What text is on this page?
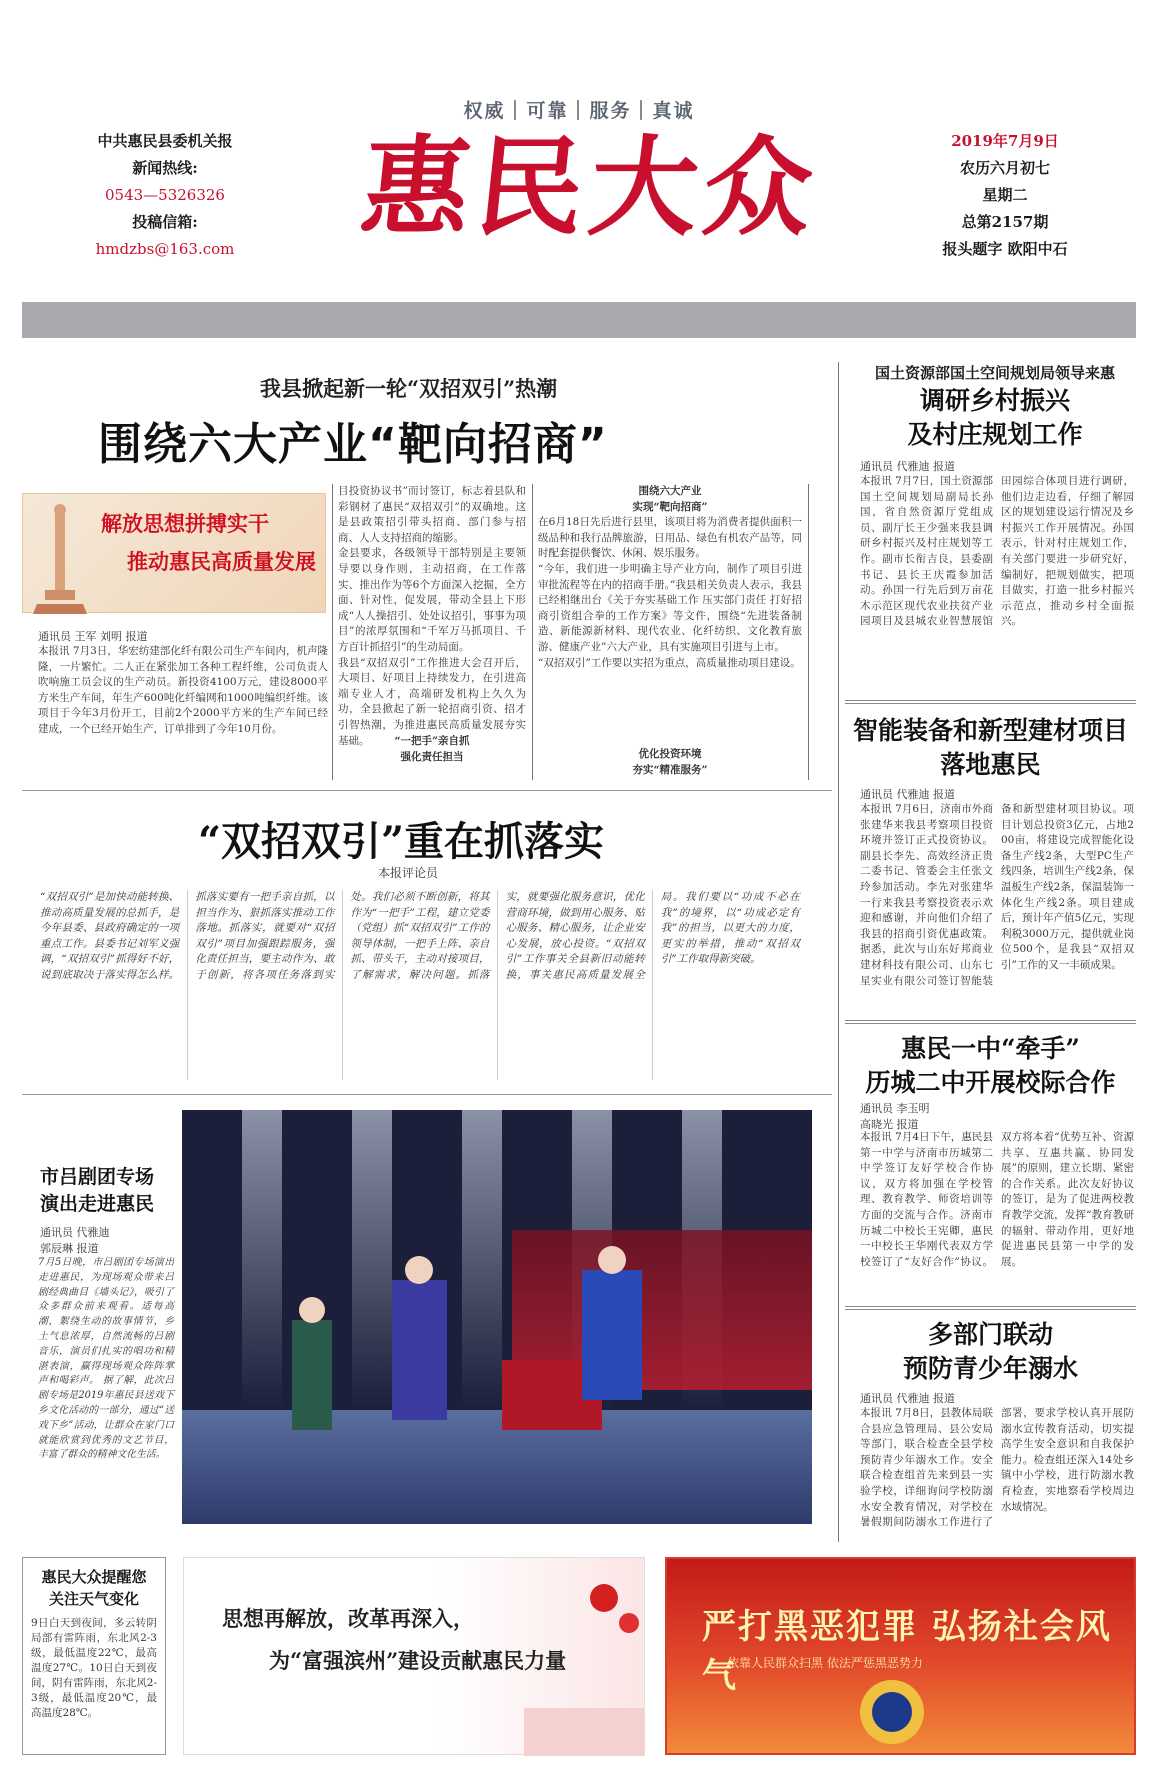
权威｜可靠｜服务｜真诚
中共惠民县委机关报
新闻热线:
0543—5326326
投稿信箱:
hmdzbs@163.com 惠民大众	2019年7月9日
农历六月初七
星期二
总第2157期
报头题字 欧阳中石
我县掀起新一轮“双招双引”热潮
围绕六大产业“靶向招商”
解放思想拼搏实干
推动惠民高质量发展
通讯员 王军 刘明 报道
本报讯 7月3日，华宏纺建部化纤有限公司生产车间内，机声隆隆，一片繁忙。二人正在紧张加工各种工程纤维，公司负责人吹响施工员会议的生产动员。新投资4100万元，建设8000平方米生产车间，年生产600吨化纤编网和1000吨编织纤维。该项目于今年3月份开工，目前2个2000平方米的生产车间已经建成，一个已经开始生产，订单排到了今年10月份。
目投资协议书”而讨签订，标志着县队和彩钢材了惠民“双招双引”的双确地。这是县政策招引带头招商、部门参与招商、人人支持招商的缩影。
金县要求，各级领导干部特别是主要领导要以身作则，主动招商，在工作落实、推出作为等6个方面深入挖掘，全方面、针对性，促发展，带动全县上下形成“人人操招引、处处议招引，事事为项目”的浓厚氛围和“千军万马抓项目、千方百计抓招引”的生动局面。
我县“双招双引”工作推进大会召开后，大项目、好项目上持续发力，在引进高端专业人才，高端研发机构上久久为功，全县掀起了新一轮招商引资、招才引智热潮，为推进惠民高质量发展夯实基础。	“一把手”亲自抓
强化责任担当
围绕六大产业
实现“靶向招商”
在6月18日先后进行县里，该项目将为消费者提供面积一级品种和我行品牌旅游，日用品、绿色有机农产品等，同时配套提供餐饮、休闲、娱乐服务。
“今年，我们进一步明确主导产业方向，制作了项目引进审批流程等在内的招商手册。”我县相关负责人表示，我县已经相继出台《关于夯实基础工作 压实部门责任 打好招商引资组合拳的工作方案》等文件，围绕“先进装备制造、新能源新材料、现代农业、化纤纺织、文化教育旅游、健康产业”六大产业，具有实施项目引进与上市。
“双招双引”工作要以实招为重点，高质量推动项目建设。
优化投资环境
夯实“精准服务”
“双招双引”重在抓落实
本报评论员
“双招双引”是加快动能转换、推动高质量发展的总抓手，是今年县委、县政府确定的一项重点工作。县委书记刘军义强调，“双招双引”抓得好不好，说到底取决于落实得怎么样。抓落实要有一把手亲自抓，以担当作为、狠抓落实推动工作落地。抓落实，就要对“双招双引”项目加强跟踪服务，强化责任担当，要主动作为、敢于创新，将各项任务落到实处。我们必须不断创新，将其作为“一把手”工程，建立党委（党组）抓“双招双引”工作的领导体制，一把手上阵、亲自抓、带头干，主动对接项目，了解需求，解决问题。抓落实，就要强化服务意识，优化营商环境，做到用心服务、贴心服务、精心服务，让企业安心发展，放心投资。“双招双引”工作事关全县新旧动能转换，事关惠民高质量发展全局。我们要以“功成不必在我”的境界，以“功成必定有我”的担当，以更大的力度，更实的举措，推动“双招双引”工作取得新突破。
国土资源部国土空间规划局领导来惠
调研乡村振兴
及村庄规划工作
通讯员 代雅迪 报道
本报讯 7月7日，国土资源部国土空间规划局副局长孙国，省自然资源厅党组成员、副厅长王少强来我县调研乡村振兴及村庄规划等工作。副市长衔吉良，县委副书记、县长王庆霞参加活动。孙国一行先后到万亩花木示范区现代农业扶贫产业园项目及县城农业智慧展馆田园综合体项目进行调研，他们边走边看，仔细了解园区的规划建设运行情况及乡村振兴工作开展情况。孙国表示，针对村庄规划工作，有关部门要进一步研究好，编制好，把规划做实，把项目做实，打造一批乡村振兴示范点，推动乡村全面振兴。
智能装备和新型建材项目
落地惠民
通讯员 代雅迪 报道
本报讯 7月6日，济南市外商张建华来我县考察项目投资环境并签订正式投资协议。副县长李先、高效经济正贵二委书记、管委会主任张文玲参加活动。李先对张建华一行来我县考察投资表示欢迎和感谢，并向他们介绍了我县的招商引资优惠政策。据悉，此次与山东好邦商业建材科技有限公司、山东七星实业有限公司签订智能装备和新型建材项目协议。项目计划总投资3亿元，占地200亩，将建设完成智能化设备生产线2条，大型PC生产线四条，培训生产线2条，保温板生产线2条，保温装饰一体化生产线2条。项目建成后，预计年产值5亿元，实现利税3000万元，提供就业岗位500个，是我县“双招双引”工作的又一丰硕成果。
惠民一中“牵手”
历城二中开展校际合作
通讯员 李玉明
高晓光 报道
本报讯 7月4日下午，惠民县第一中学与济南市历城第二中学签订友好学校合作协议，双方将加强在学校管理、教育教学、师资培训等方面的交流与合作。济南市历城二中校长王宪卿，惠民一中校长王华刚代表双方学校签订了“友好合作”协议。双方将本着“优势互补、资源共享、互惠共赢、协同发展”的原则，建立长期、紧密的合作关系。此次友好协议的签订，是为了促进两校教育教学交流，发挥“教育教研的辐射、带动作用，更好地促进惠民县第一中学的发展。
多部门联动
预防青少年溺水
通讯员 代雅迪 报道
本报讯 7月8日，县教体局联合县应急管理局、县公安局等部门，联合检查全县学校预防青少年溺水工作。安全联合检查组首先来到县一实验学校，详细询问学校防溺水安全教育情况，对学校在暑假期间防溺水工作进行了部署，要求学校认真开展防溺水宣传教育活动，切实提高学生安全意识和自我保护能力。检查组还深入14处乡镇中小学校，进行防溺水教育检查，实地察看学校周边水域情况。
市吕剧团专场
演出走进惠民
通讯员 代雅迪
郭辰琳 报道
7月5日晚，市吕剧团专场演出走进惠民，为现场观众带来吕剧经典曲目《墙头记》，吸引了众多群众前来观看。适每高潮，絮绕生动的故事情节，乡土气息浓厚，自然流畅的吕剧音乐，演员们扎实的唱功和精湛表演，赢得现场观众阵阵掌声和喝彩声。 据了解，此次吕剧专场是2019年惠民县送戏下乡文化活动的一部分，通过“送戏下乡”活动，让群众在家门口就能欣赏到优秀的文艺节目，丰富了群众的精神文化生活。
惠民大众提醒您
关注天气变化
9日白天到夜间，多云转阴局部有雷阵雨，东北风2-3级，最低温度22℃，最高温度27℃。10日白天到夜间，阴有雷阵雨，东北风2-3级，最低温度20℃，最高温度28℃。
思想再解放，改革再深入，
为“富强滨州”建设贡献惠民力量
严打黑恶犯罪 弘扬社会风气
依靠人民群众扫黑 依法严惩黑恶势力
